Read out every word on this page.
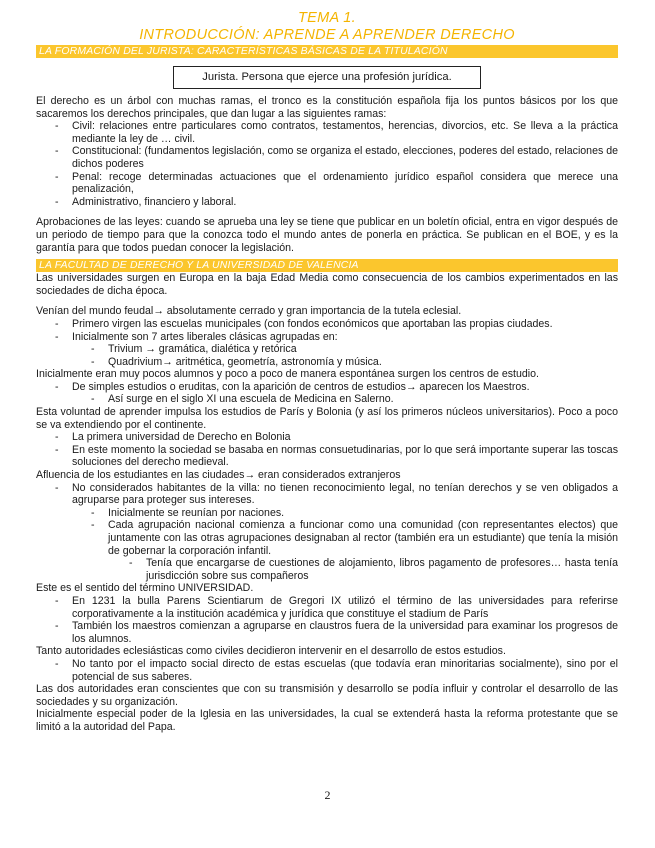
TEMA 1.
INTRODUCCIÓN: APRENDE A APRENDER DERECHO
LA FORMACIÓN DEL JURISTA: CARACTERÍSTICAS BÁSICAS DE LA TITULACIÓN
Jurista. Persona que ejerce una profesión jurídica.

El derecho es un árbol con muchas ramas, el tronco es la constitución española fija los puntos básicos por los que sacaremos los derechos principales, que dan lugar a las siguientes ramas:

-	Civil: relaciones entre particulares como contratos, testamentos, herencias, divorcios, etc. Se lleva a la práctica mediante la ley de … civil.
-	Constitucional: (fundamentos legislación, como se organiza el estado, elecciones, poderes del estado, relaciones de dichos poderes
-	Penal: recoge determinadas actuaciones que el ordenamiento jurídico español considera que merece una penalización,
-	Administrativo, financiero y laboral.

Aprobaciones de las leyes: cuando se aprueba una ley se tiene que publicar en un boletín oficial, entra en vigor después de un periodo de tiempo para que la conozca todo el mundo antes de ponerla en práctica. Se publican en el BOE, y es la garantía para que todos puedan conocer la legislación.

LA FACULTAD DE DERECHO Y LA UNIVERSIDAD DE VALENCIA

Las universidades surgen en Europa en la baja Edad Media como consecuencia de los cambios experimentados en las sociedades de dicha época.

Venían del mundo feudal→ absolutamente cerrado y gran importancia de la tutela eclesial.

-	Primero virgen las escuelas municipales (con fondos económicos que aportaban las propias ciudades.
-	Inicialmente son 7 artes liberales clásicas agrupadas en:
-	Trivium → gramática, dialética y retórica
-	Quadrivium→ aritmética, geometría, astronomía y música.

Inicialmente eran muy pocos alumnos y poco a poco de manera espontánea surgen los centros de estudio.

-	De simples estudios o eruditas, con la aparición de centros de estudios→ aparecen los Maestros.
-	Así surge en el siglo XI una escuela de Medicina en Salerno.

Esta voluntad de aprender impulsa los estudios de París y Bolonia (y así los primeros núcleos universitarios). Poco a poco se va extendiendo por el continente.

-	La primera universidad de Derecho en Bolonia
-	En este momento la sociedad se basaba en normas consuetudinarias, por lo que será importante superar las toscas soluciones del derecho medieval.

Afluencia de los estudiantes en las ciudades→ eran considerados extranjeros

-	No considerados habitantes de la villa: no tienen reconocimiento legal, no tenían derechos y se ven obligados a agruparse para proteger sus intereses.
-	Inicialmente se reunían por naciones.
-	Cada agrupación nacional comienza a funcionar como una comunidad (con representantes electos) que juntamente con las otras agrupaciones designaban al rector (también era un estudiante) que tenía la misión de gobernar la corporación infantil.
-	Tenía que encargarse de cuestiones de alojamiento, libros pagamento de profesores… hasta tenía jurisdicción sobre sus compañeros

Este es el sentido del término UNIVERSIDAD.

-	En 1231 la bulla Parens Scientiarum de Gregori IX utilizó el término de las universidades para referirse corporativamente a la institución académica y jurídica que constituye el stadium de París
-	También los maestros comienzan a agruparse en claustros fuera de la universidad para examinar los progresos de los alumnos.

Tanto autoridades eclesiásticas como civiles decidieron intervenir en el desarrollo de estos estudios.

-	No tanto por el impacto social directo de estas escuelas (que todavía eran minoritarias socialmente), sino por el potencial de sus saberes.

Las dos autoridades eran conscientes que con su transmisión y desarrollo se podía influir y controlar el desarrollo de las sociedades y su organización.

Inicialmente especial poder de la Iglesia en las universidades, la cual se extenderá hasta la reforma protestante que se limitó a la autoridad del Papa.

2
